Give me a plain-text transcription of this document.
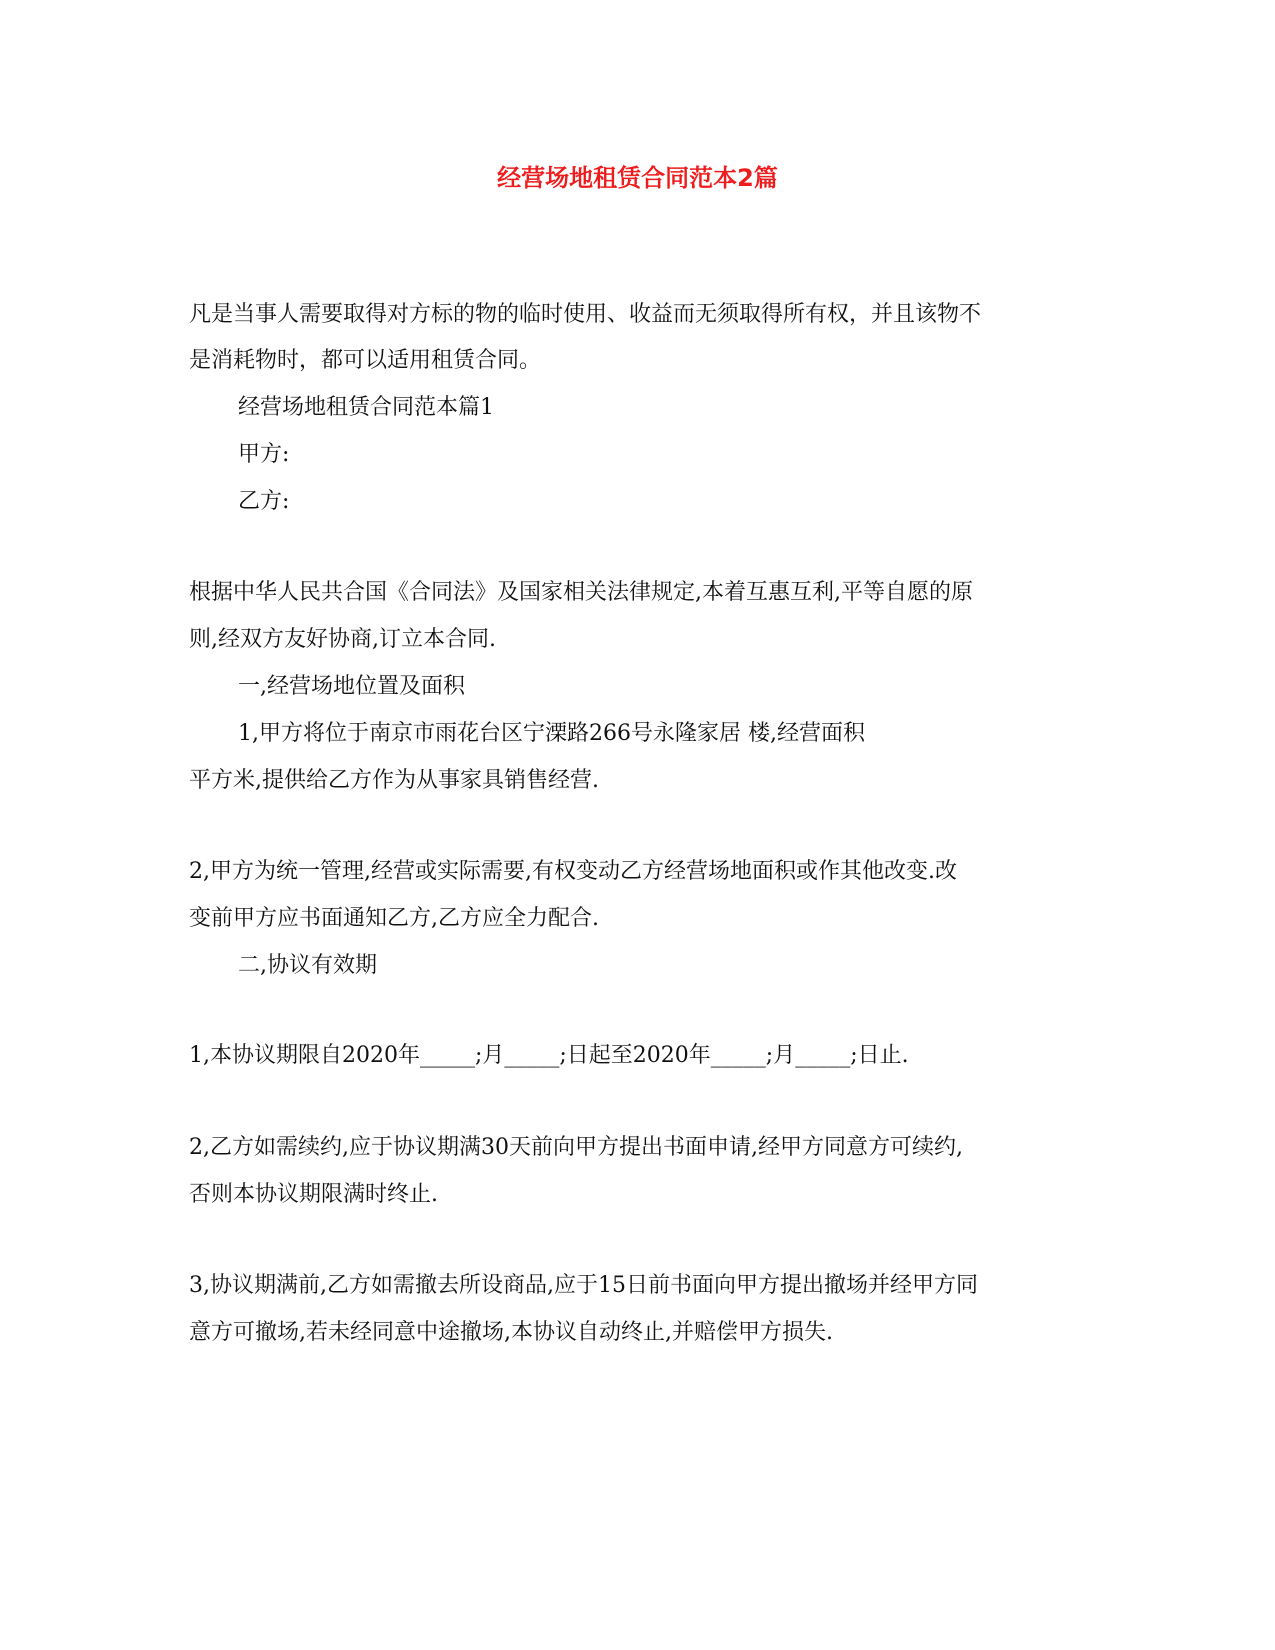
经营场地租赁合同范本2篇
凡是当事人需要取得对方标的物的临时使用、收益而无须取得所有权，并且该物不
是消耗物时，都可以适用租赁合同。
经营场地租赁合同范本篇1
甲方:
乙方:
根据中华人民共合国《合同法》及国家相关法律规定,本着互惠互利,平等自愿的原
则,经双方友好协商,订立本合同.
一,经营场地位置及面积
1,甲方将位于南京市雨花台区宁溧路266号永隆家居 楼,经营面积
平方米,提供给乙方作为从事家具销售经营.
2,甲方为统一管理,经营或实际需要,有权变动乙方经营场地面积或作其他改变.改
变前甲方应书面通知乙方,乙方应全力配合.
二,协议有效期
1,本协议期限自2020年_____;月_____;日起至2020年_____;月_____;日止.
2,乙方如需续约,应于协议期满30天前向甲方提出书面申请,经甲方同意方可续约,
否则本协议期限满时终止.
3,协议期满前,乙方如需撤去所设商品,应于15日前书面向甲方提出撤场并经甲方同
意方可撤场,若未经同意中途撤场,本协议自动终止,并赔偿甲方损失.
